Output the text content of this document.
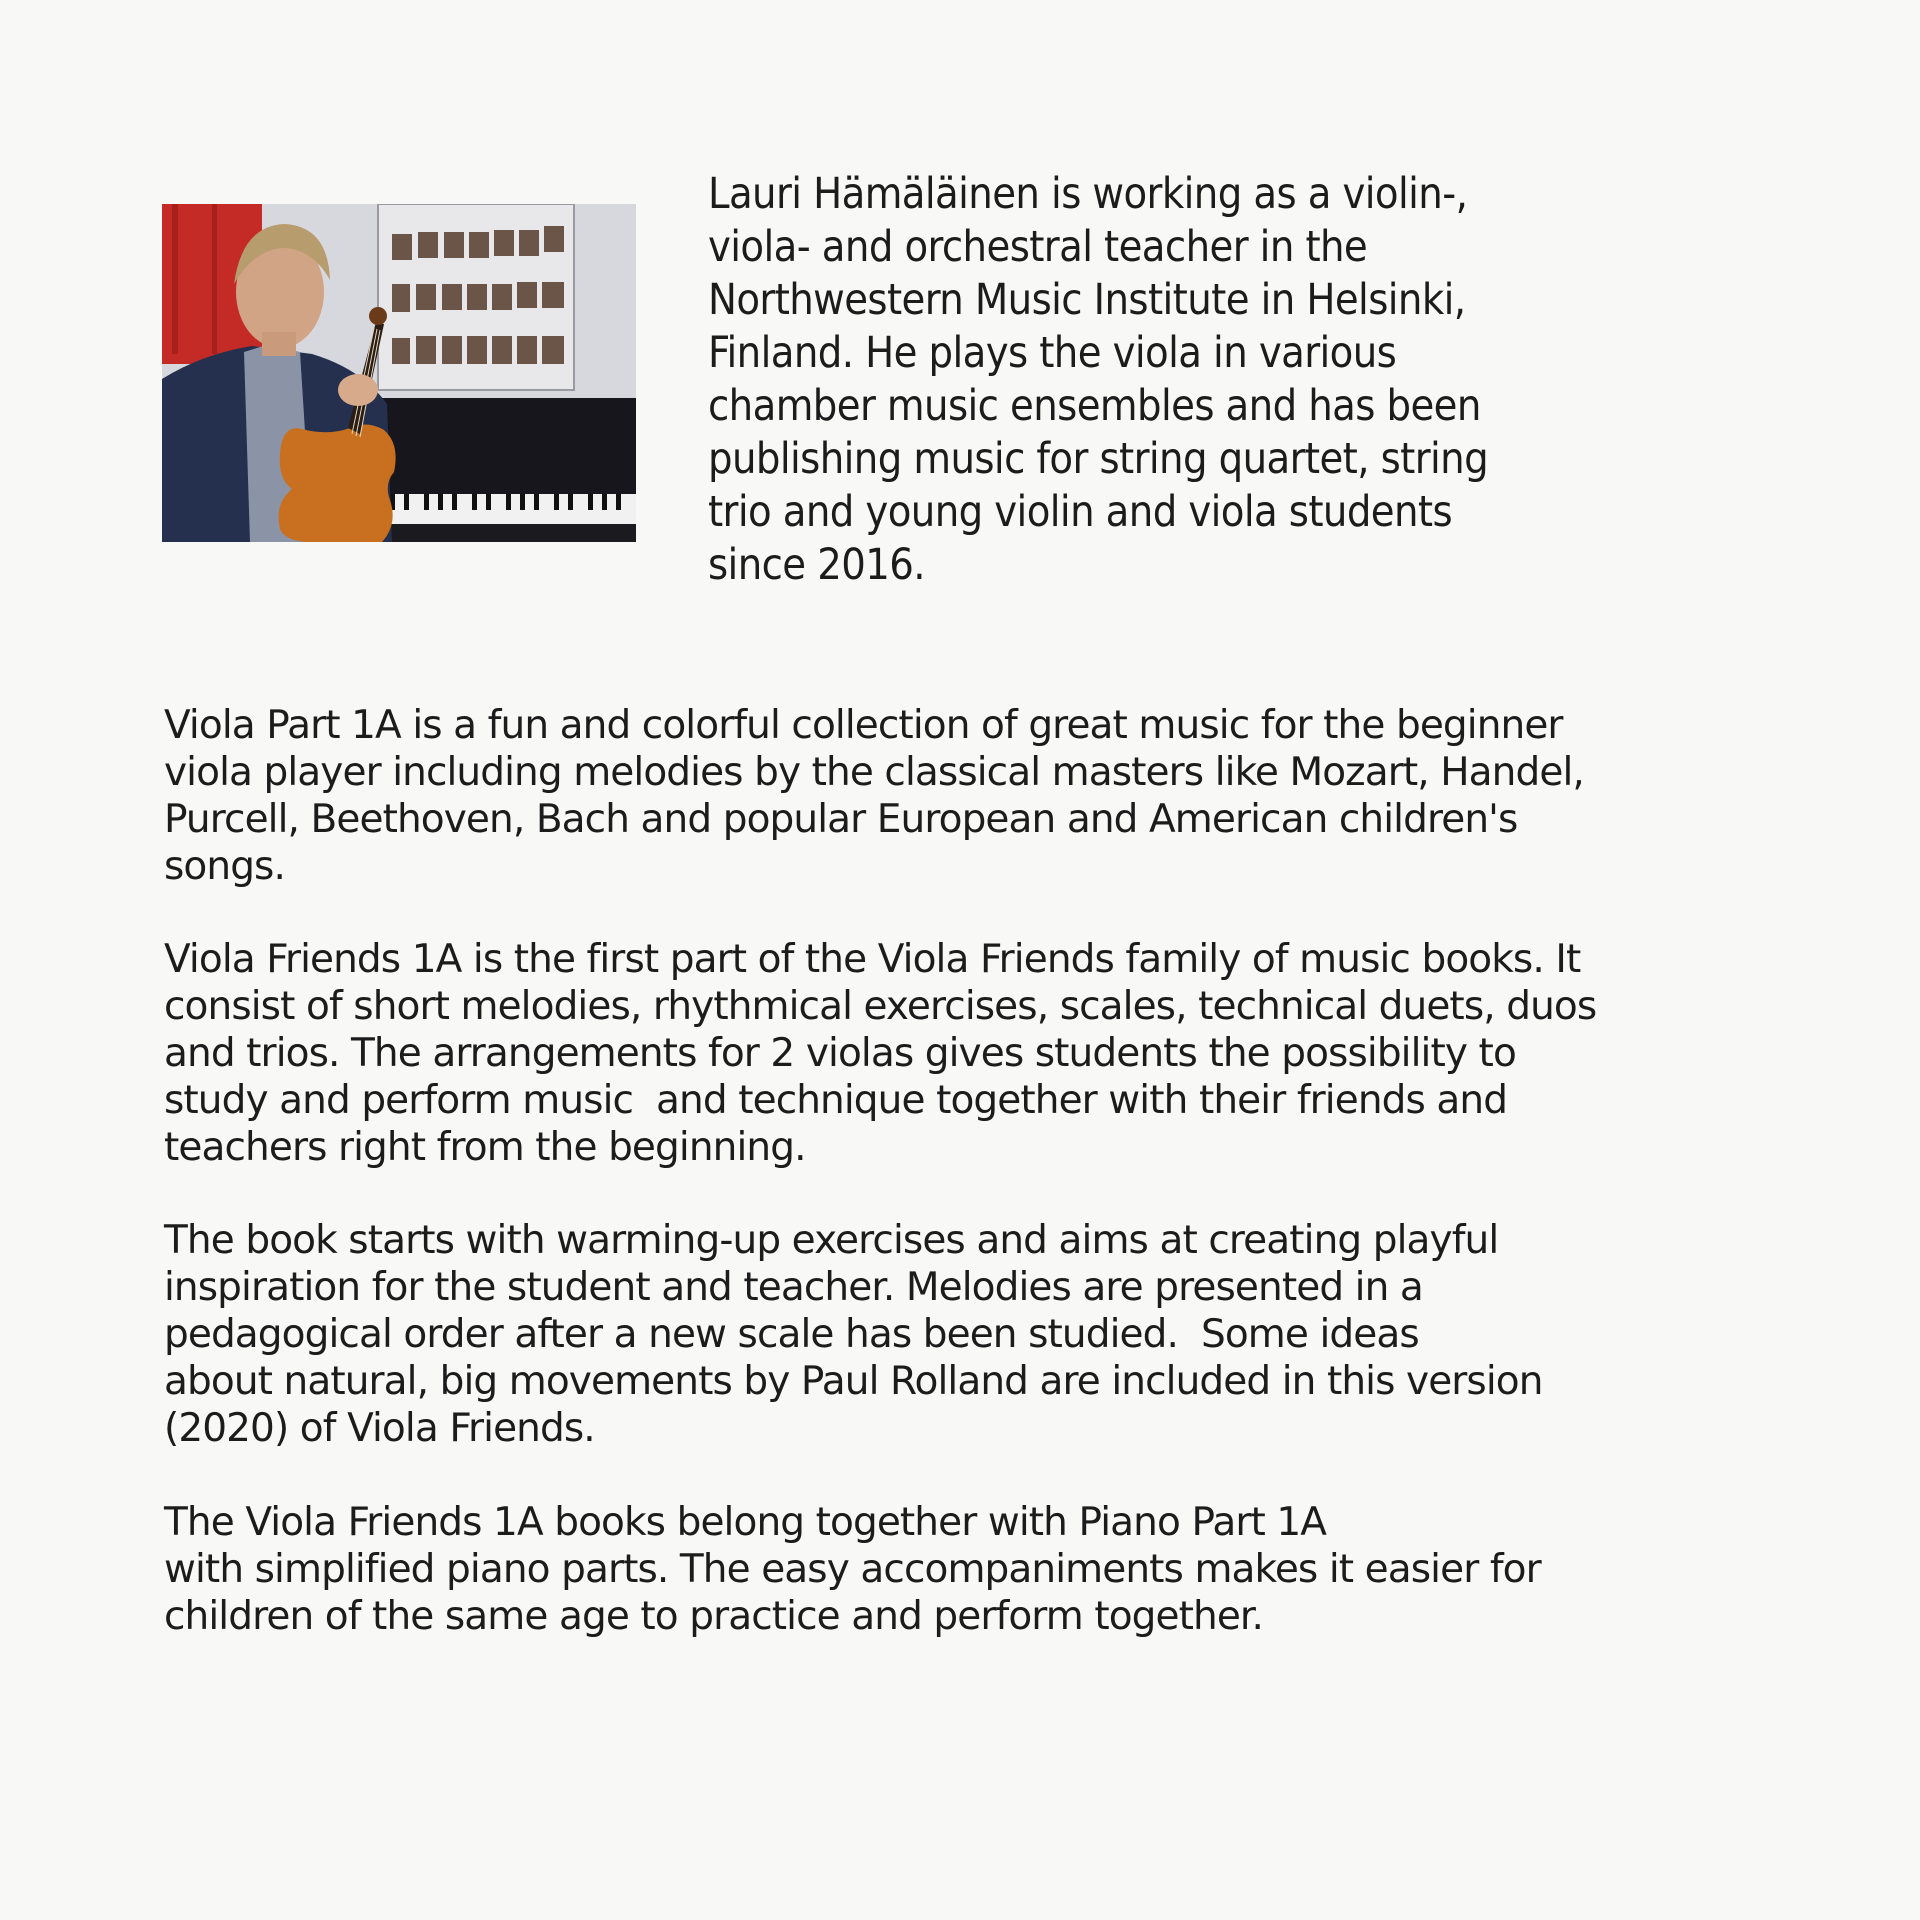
Lauri Hämäläinen is working as a violin-,
viola- and orchestral teacher in the
Northwestern Music Institute in Helsinki,
Finland. He plays the viola in various
chamber music ensembles and has been
publishing music for string quartet, string
trio and young violin and viola students
since 2016.
Viola Part 1A is a fun and colorful collection of great music for the beginner
viola player including melodies by the classical masters like Mozart, Handel,
Purcell, Beethoven, Bach and popular European and American children's
songs.
Viola Friends 1A is the first part of the Viola Friends family of music books. It
consist of short melodies, rhythmical exercises, scales, technical duets, duos
and trios. The arrangements for 2 violas gives students the possibility to
study and perform music  and technique together with their friends and
teachers right from the beginning.
The book starts with warming-up exercises and aims at creating playful
inspiration for the student and teacher. Melodies are presented in a
pedagogical order after a new scale has been studied.  Some ideas
about natural, big movements by Paul Rolland are included in this version
(2020) of Viola Friends.
The Viola Friends 1A books belong together with Piano Part 1A
with simplified piano parts. The easy accompaniments makes it easier for
children of the same age to practice and perform together.
